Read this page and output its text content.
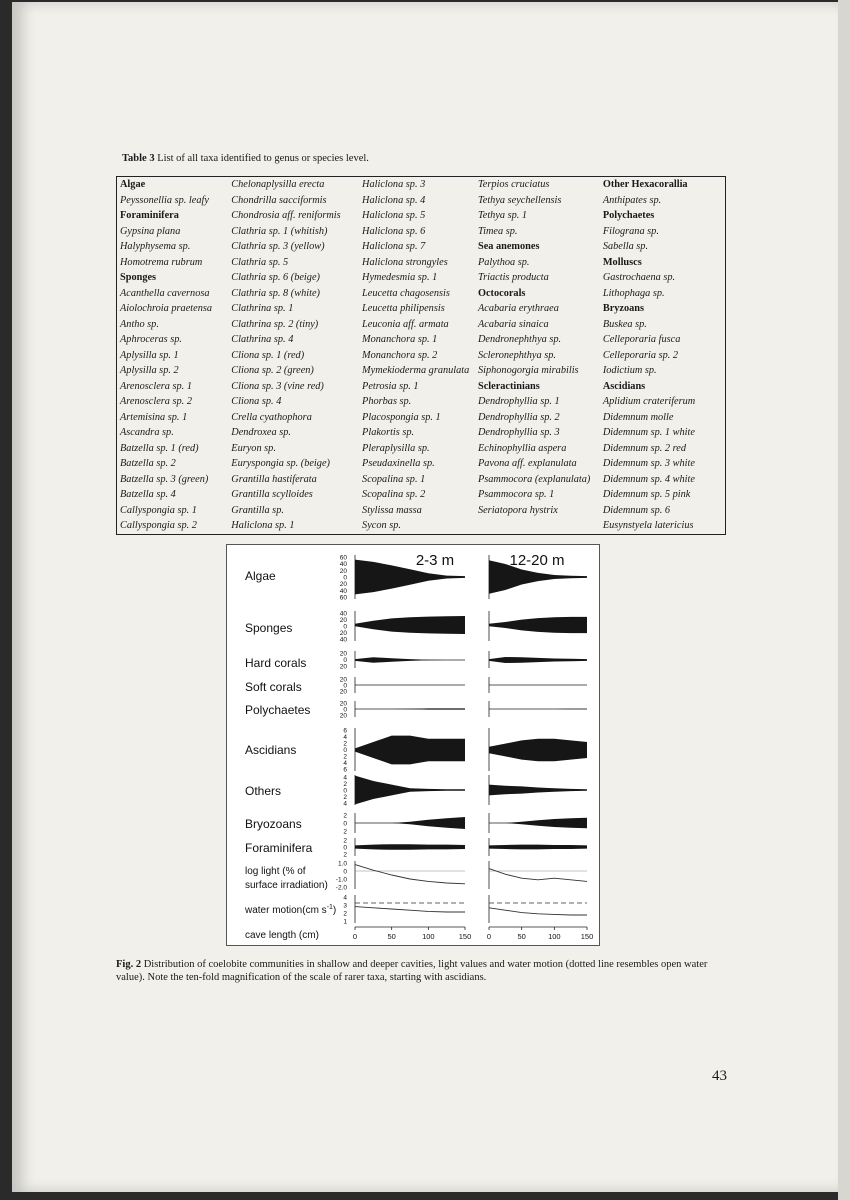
Table 3 List of all taxa identified to genus or species level.
Algae	Chelonaplysilla erecta	Haliclona sp. 3	Terpios cruciatus	Other Hexacorallia
Peyssonellia sp. leafy	Chondrilla sacciformis	Haliclona sp. 4	Tethya seychellensis	Anthipates sp.
Foraminifera	Chondrosia aff. reniformis	Haliclona sp. 5	Tethya sp. 1	Polychaetes
Gypsina plana	Clathria sp. 1 (whitish)	Haliclona sp. 6	Timea sp.	Filograna sp.
Halyphysema sp.	Clathria sp. 3 (yellow)	Haliclona sp. 7	Sea anemones	Sabella sp.
Homotrema rubrum	Clathria sp. 5	Haliclona strongyles	Palythoa sp.	Molluscs
Sponges	Clathria sp. 6 (beige)	Hymedesmia sp. 1	Triactis producta	Gastrochaena sp.
Acanthella cavernosa	Clathria sp. 8 (white)	Leucetta chagosensis	Octocorals	Lithophaga sp.
Aiolochroia praetensa	Clathrina sp. 1	Leucetta philipensis	Acabaria erythraea	Bryzoans
Antho sp.	Clathrina sp. 2 (tiny)	Leuconia aff. armata	Acabaria sinaica	Buskea sp.
Aphroceras sp.	Clathrina sp. 4	Monanchora sp. 1	Dendronephthya sp.	Celleporaria fusca
Aplysilla sp. 1	Cliona sp. 1 (red)	Monanchora sp. 2	Scleronephthya sp.	Celleporaria sp. 2
Aplysilla sp. 2	Cliona sp. 2 (green)	Mymekioderma granulata	Siphonogorgia mirabilis	Iodictium sp.
Arenosclera sp. 1	Cliona sp. 3 (vine red)	Petrosia sp. 1	Scleractinians	Ascidians
Arenosclera sp. 2	Cliona sp. 4	Phorbas sp.	Dendrophyllia sp. 1	Aplidium crateriferum
Artemisina sp. 1	Crella cyathophora	Placospongia sp. 1	Dendrophyllia sp. 2	Didemnum molle
Ascandra sp.	Dendroxea sp.	Plakortis sp.	Dendrophyllia sp. 3	Didemnum sp. 1 white
Batzella sp. 1 (red)	Euryon sp.	Pleraplysilla sp.	Echinophyllia aspera	Didemnum sp. 2 red
Batzella sp. 2	Euryspongia sp. (beige)	Pseudaxinella sp.	Pavona aff. explanulata	Didemnum sp. 3 white
Batzella sp. 3 (green)	Grantilla hastiferata	Scopalina sp. 1	Psammocora (explanulata)	Didemnum sp. 4 white
Batzella sp. 4	Grantilla scylloides	Scopalina sp. 2	Psammocora sp. 1	Didemnum sp. 5 pink
Callyspongia sp. 1	Grantilla sp.	Stylissa massa	Seriatopora hystrix	Didemnum sp. 6
Callyspongia sp. 2	Haliclona sp. 1	Sycon sp.		Eusynstyela latericius
2-3 m	12-20 m
Algae
60
40
20
0
20
40
60
Sponges
40
20
0
20
40
Hard corals
20
0
20
Soft corals	20
0
20
Polychaetes	20
0
20
Ascidians
6
4
2
0
2
4
6
Others
4
2
0
2
4
Bryozoans
2
0
2
Foraminifera	2
0
2
log light (% of
surface irradiation)
1.0
0
-1.0
-2.0
water motion(cm $s^{-1}$)
4
3
2
1
cave length (cm)	0	50	100	150 0	50	100	150
Fig. 2 Distribution of coelobite communities in shallow and deeper cavities, light values and water motion (dotted line resembles open water value). Note the ten-fold magnification of the scale of rarer taxa, starting with ascidians.
43
